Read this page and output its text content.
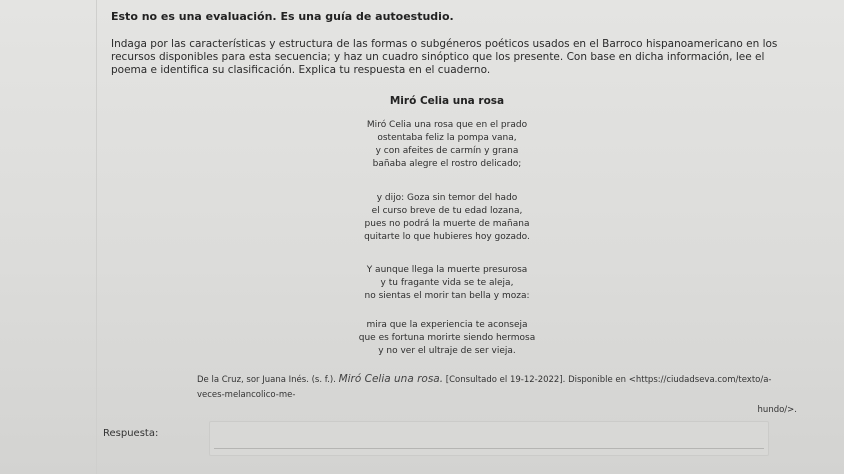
Esto no es una evaluación. Es una guía de autoestudio.
Indaga por las características y estructura de las formas o subgéneros poéticos usados en el Barroco hispanoamericano en los recursos disponibles para esta secuencia; y haz un cuadro sinóptico que los presente. Con base en dicha información, lee el poema e identifica su clasificación. Explica tu respuesta en el cuaderno.
Miró Celia una rosa
Miró Celia una rosa que en el prado
ostentaba feliz la pompa vana,
y con afeites de carmín y grana
bañaba alegre el rostro delicado;
y dijo: Goza sin temor del hado
el curso breve de tu edad lozana,
pues no podrá la muerte de mañana
quitarte lo que hubieres hoy gozado.
Y aunque llega la muerte presurosa
y tu fragante vida se te aleja,
no sientas el morir tan bella y moza:
mira que la experiencia te aconseja
que es fortuna morirte siendo hermosa
y no ver el ultraje de ser vieja.
De la Cruz, sor Juana Inés. (s. f.). Miró Celia una rosa. [Consultado el 19-12-2022]. Disponible en <https://ciudadseva.com/texto/a-veces-melancolico-me-
hundo/>.
Respuesta:
